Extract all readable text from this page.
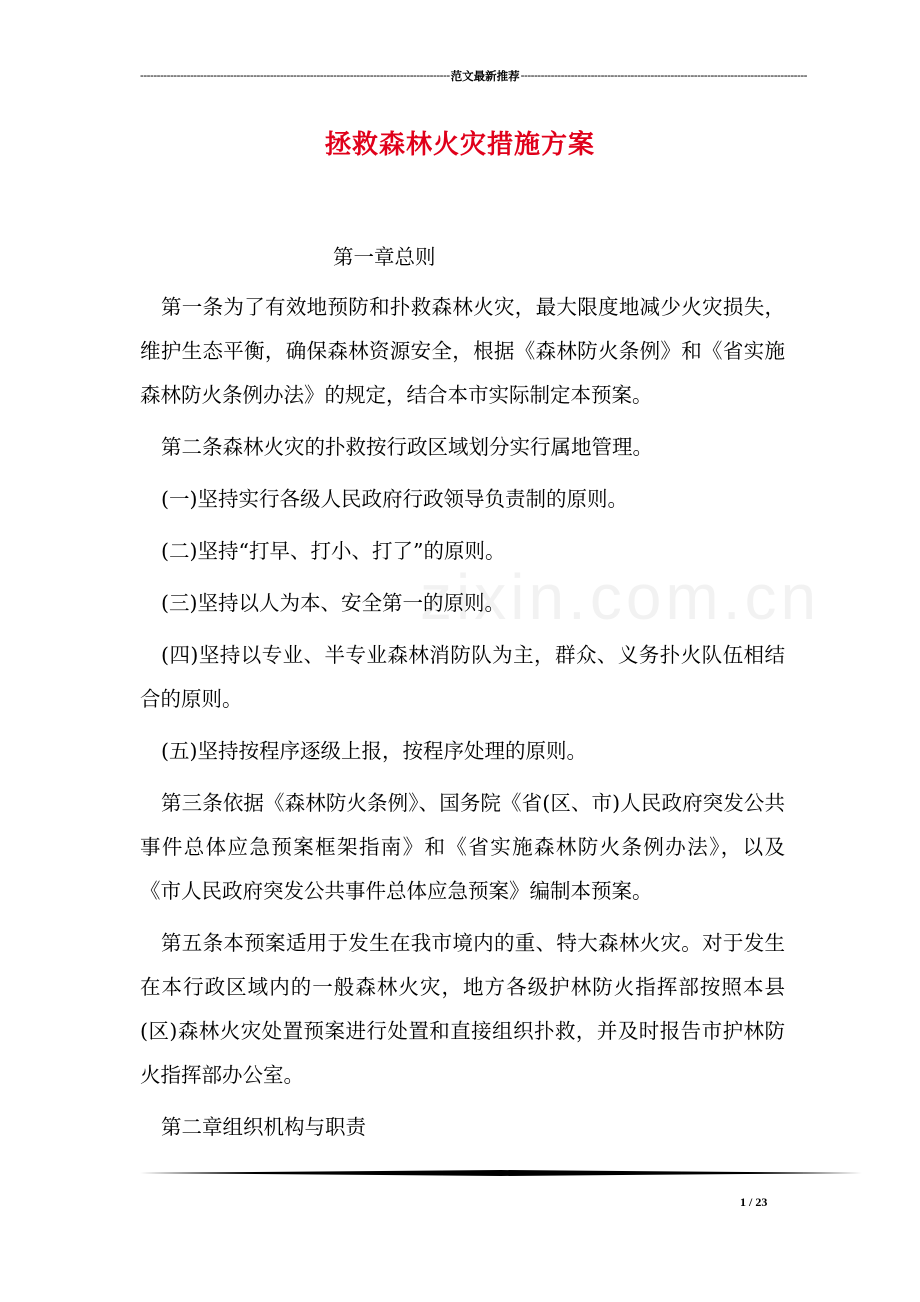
--------------------------------------------------------------------------------------------- 范文最新推荐 --------------------------------------------------------------------------------------
拯救森林火灾措施方案
zixin.com.cn

第一章总则

第一条为了有效地预防和扑救森林火灾，最大限度地减少火灾损失，维护生态平衡，确保森林资源安全，根据《森林防火条例》和《省实施森林防火条例办法》的规定，结合本市实际制定本预案。

第二条森林火灾的扑救按行政区域划分实行属地管理。

(一)坚持实行各级人民政府行政领导负责制的原则。

(二)坚持“打早、打小、打了”的原则。

(三)坚持以人为本、安全第一的原则。

(四)坚持以专业、半专业森林消防队为主，群众、义务扑火队伍相结合的原则。

(五)坚持按程序逐级上报，按程序处理的原则。

第三条依据《森林防火条例》、国务院《省(区、市)人民政府突发公共事件总体应急预案框架指南》和《省实施森林防火条例办法》，以及《市人民政府突发公共事件总体应急预案》编制本预案。

第五条本预案适用于发生在我市境内的重、特大森林火灾。对于发生在本行政区域内的一般森林火灾，地方各级护林防火指挥部按照本县(区)森林火灾处置预案进行处置和直接组织扑救，并及时报告市护林防火指挥部办公室。

第二章组织机构与职责

1 / 23
